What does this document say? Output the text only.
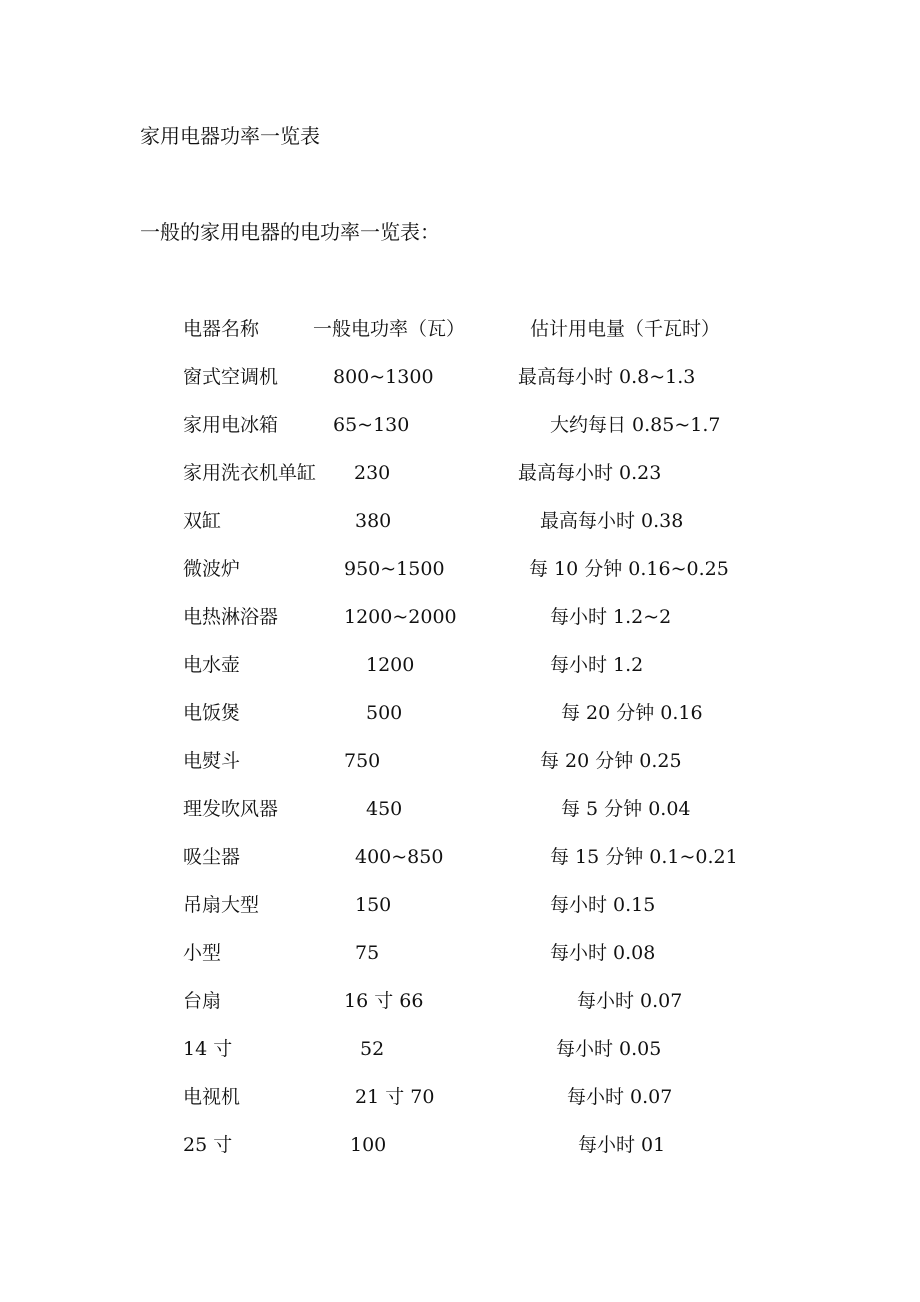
家用电器功率一览表
一般的家用电器的电功率一览表：
电器名称	一般电功率（瓦）	估计用电量（千瓦时）
窗式空调机	800~1300	最高每小时 0.8~1.3
家用电冰箱	65~130	大约每日 0.85~1.7
家用洗衣机单缸 230	最高每小时 0.23
双缸	380	最高每小时 0.38
微波炉	950~1500	每 10 分钟 0.16~0.25
电热淋浴器	1200~2000	每小时 1.2~2
电水壶	1200	每小时 1.2
电饭煲	500	每 20 分钟 0.16
电熨斗	750	每 20 分钟 0.25
理发吹风器	450	每 5 分钟 0.04
吸尘器	400~850	每 15 分钟 0.1~0.21
吊扇大型	150	每小时 0.15
小型	75	每小时 0.08
台扇	16 寸 66	每小时 0.07
14 寸	52	每小时 0.05
电视机	21 寸 70	每小时 0.07
25 寸	100	每小时 01
